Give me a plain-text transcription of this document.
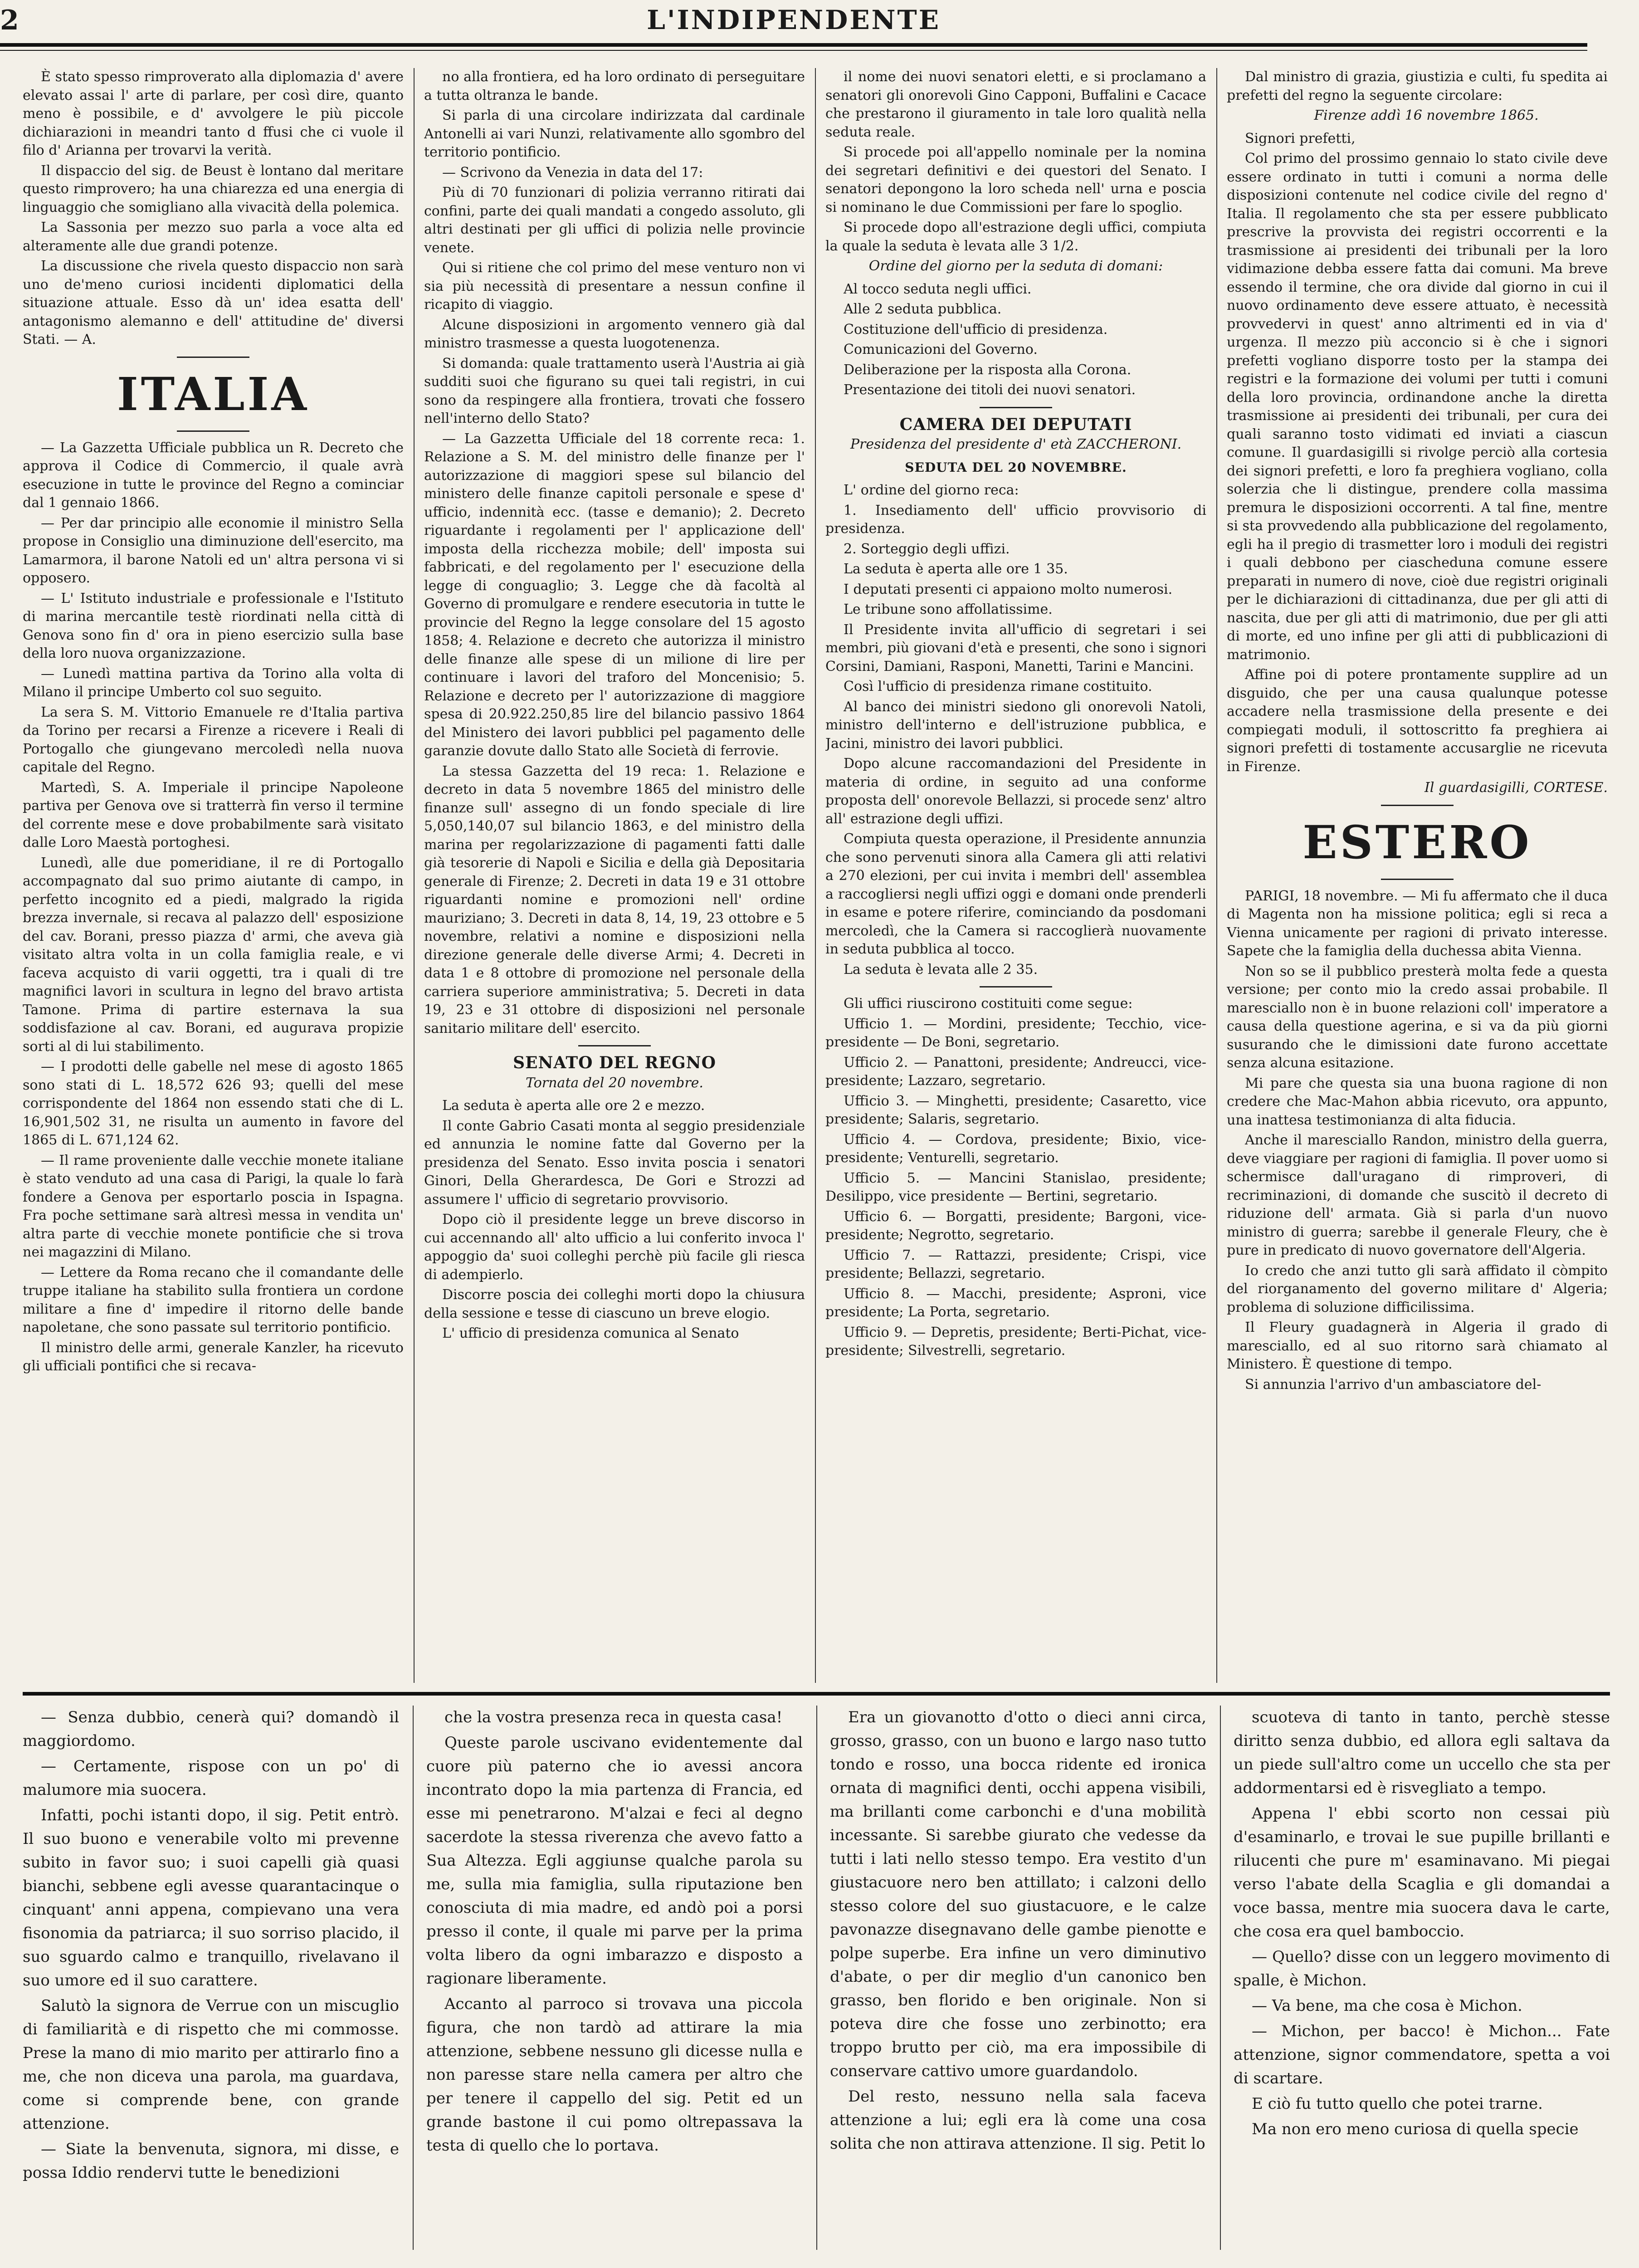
2	L'INDIPENDENTE

È stato spesso rimproverato alla diplomazia d' avere elevato assai l' arte di parlare, per così dire, quanto meno è possibile, e d' avvolgere le più piccole dichiarazioni in meandri tanto d ffusi che ci vuole il filo d' Arianna per trovarvi la verità.

Il dispaccio del sig. de Beust è lontano dal meritare questo rimprovero; ha una chiarezza ed una energia di linguaggio che somigliano alla vivacità della polemica.

La Sassonia per mezzo suo parla a voce alta ed alteramente alle due grandi potenze.

La discussione che rivela questo dispaccio non sarà uno de'meno curiosi incidenti diplomatici della situazione attuale. Esso dà un' idea esatta dell' antagonismo alemanno e dell' attitudine de' diversi Stati. — A.

ITALIA

— La Gazzetta Ufficiale pubblica un R. Decreto che approva il Codice di Commercio, il quale avrà esecuzione in tutte le province del Regno a cominciar dal 1 gennaio 1866.

— Per dar principio alle economie il ministro Sella propose in Consiglio una diminuzione dell'esercito, ma Lamarmora, il barone Natoli ed un' altra persona vi si opposero.

— L' Istituto industriale e professionale e l'Istituto di marina mercantile testè riordinati nella città di Genova sono fin d' ora in pieno esercizio sulla base della loro nuova organizzazione.

— Lunedì mattina partiva da Torino alla volta di Milano il principe Umberto col suo seguito.

La sera S. M. Vittorio Emanuele re d'Italia partiva da Torino per recarsi a Firenze a ricevere i Reali di Portogallo che giungevano mercoledì nella nuova capitale del Regno.

Martedì, S. A. Imperiale il principe Napoleone partiva per Genova ove si tratterrà fin verso il termine del corrente mese e dove probabilmente sarà visitato dalle Loro Maestà portoghesi.

Lunedì, alle due pomeridiane, il re di Portogallo accompagnato dal suo primo aiutante di campo, in perfetto incognito ed a piedi, malgrado la rigida brezza invernale, si recava al palazzo dell' esposizione del cav. Borani, presso piazza d' armi, che aveva già visitato altra volta in un colla famiglia reale, e vi faceva acquisto di varii oggetti, tra i quali di tre magnifici lavori in scultura in legno del bravo artista Tamone. Prima di partire esternava la sua soddisfazione al cav. Borani, ed augurava propizie sorti al di lui stabilimento.

— I prodotti delle gabelle nel mese di agosto 1865 sono stati di L. 18,572 626 93; quelli del mese corrispondente del 1864 non essendo stati che di L. 16,901,502 31, ne risulta un aumento in favore del 1865 di L. 671,124 62.

— Il rame proveniente dalle vecchie monete italiane è stato venduto ad una casa di Parigi, la quale lo farà fondere a Genova per esportarlo poscia in Ispagna. Fra poche settimane sarà altresì messa in vendita un' altra parte di vecchie monete pontificie che si trova nei magazzini di Milano.

— Lettere da Roma recano che il comandante delle truppe italiane ha stabilito sulla frontiera un cordone militare a fine d' impedire il ritorno delle bande napoletane, che sono passate sul territorio pontificio.

Il ministro delle armi, generale Kanzler, ha ricevuto gli ufficiali pontifici che si recava-

no alla frontiera, ed ha loro ordinato di perseguitare a tutta oltranza le bande.

Si parla di una circolare indirizzata dal cardinale Antonelli ai vari Nunzi, relativamente allo sgombro del territorio pontificio.

— Scrivono da Venezia in data del 17:

Più di 70 funzionari di polizia verranno ritirati dai confini, parte dei quali mandati a congedo assoluto, gli altri destinati per gli uffici di polizia nelle provincie venete.

Qui si ritiene che col primo del mese venturo non vi sia più necessità di presentare a nessun confine il ricapito di viaggio.

Alcune disposizioni in argomento vennero già dal ministro trasmesse a questa luogotenenza.

Si domanda: quale trattamento userà l'Austria ai già sudditi suoi che figurano su quei tali registri, in cui sono da respingere alla frontiera, trovati che fossero nell'interno dello Stato?

— La Gazzetta Ufficiale del 18 corrente reca: 1. Relazione a S. M. del ministro delle finanze per l' autorizzazione di maggiori spese sul bilancio del ministero delle finanze capitoli personale e spese d' ufficio, indennità ecc. (tasse e demanio); 2. Decreto riguardante i regolamenti per l' applicazione dell' imposta della ricchezza mobile; dell' imposta sui fabbricati, e del regolamento per l' esecuzione della legge di conguaglio; 3. Legge che dà facoltà al Governo di promulgare e rendere esecutoria in tutte le provincie del Regno la legge consolare del 15 agosto 1858; 4. Relazione e decreto che autorizza il ministro delle finanze alle spese di un milione di lire per continuare i lavori del traforo del Moncenisio; 5. Relazione e decreto per l' autorizzazione di maggiore spesa di 20.922.250,85 lire del bilancio passivo 1864 del Ministero dei lavori pubblici pel pagamento delle garanzie dovute dallo Stato alle Società di ferrovie.

La stessa Gazzetta del 19 reca: 1. Relazione e decreto in data 5 novembre 1865 del ministro delle finanze sull' assegno di un fondo speciale di lire 5,050,140,07 sul bilancio 1863, e del ministro della marina per regolarizzazione di pagamenti fatti dalle già tesorerie di Napoli e Sicilia e della già Depositaria generale di Firenze; 2. Decreti in data 19 e 31 ottobre riguardanti nomine e promozioni nell' ordine mauriziano; 3. Decreti in data 8, 14, 19, 23 ottobre e 5 novembre, relativi a nomine e disposizioni nella direzione generale delle diverse Armi; 4. Decreti in data 1 e 8 ottobre di promozione nel personale della carriera superiore amministrativa; 5. Decreti in data 19, 23 e 31 ottobre di disposizioni nel personale sanitario militare dell' esercito.

SENATO DEL REGNO
Tornata del 20 novembre.

La seduta è aperta alle ore 2 e mezzo.

Il conte Gabrio Casati monta al seggio presidenziale ed annunzia le nomine fatte dal Governo per la presidenza del Senato. Esso invita poscia i senatori Ginori, Della Gherardesca, De Gori e Strozzi ad assumere l' ufficio di segretario provvisorio.

Dopo ciò il presidente legge un breve discorso in cui accennando all' alto ufficio a lui conferito invoca l' appoggio da' suoi colleghi perchè più facile gli riesca di adempierlo.

Discorre poscia dei colleghi morti dopo la chiusura della sessione e tesse di ciascuno un breve elogio.

L' ufficio di presidenza comunica al Senato

il nome dei nuovi senatori eletti, e si proclamano a senatori gli onorevoli Gino Capponi, Buffalini e Cacace che prestarono il giuramento in tale loro qualità nella seduta reale.

Si procede poi all'appello nominale per la nomina dei segretari definitivi e dei questori del Senato. I senatori depongono la loro scheda nell' urna e poscia si nominano le due Commissioni per fare lo spoglio.

Si procede dopo all'estrazione degli uffici, compiuta la quale la seduta è levata alle 3 1/2.

Ordine del giorno per la seduta di domani:

Al tocco seduta negli uffici.

Alle 2 seduta pubblica.

Costituzione dell'ufficio di presidenza.

Comunicazioni del Governo.

Deliberazione per la risposta alla Corona.

Presentazione dei titoli dei nuovi senatori.

CAMERA DEI DEPUTATI
Presidenza del presidente d' età ZACCHERONI.
SEDUTA DEL 20 NOVEMBRE.

L' ordine del giorno reca:

1. Insediamento dell' ufficio provvisorio di presidenza.

2. Sorteggio degli uffizi.

La seduta è aperta alle ore 1 35.

I deputati presenti ci appaiono molto numerosi.

Le tribune sono affollatissime.

Il Presidente invita all'ufficio di segretari i sei membri, più giovani d'età e presenti, che sono i signori Corsini, Damiani, Rasponi, Manetti, Tarini e Mancini.

Così l'ufficio di presidenza rimane costituito.

Al banco dei ministri siedono gli onorevoli Natoli, ministro dell'interno e dell'istruzione pubblica, e Jacini, ministro dei lavori pubblici.

Dopo alcune raccomandazioni del Presidente in materia di ordine, in seguito ad una conforme proposta dell' onorevole Bellazzi, si procede senz' altro all' estrazione degli uffizi.

Compiuta questa operazione, il Presidente annunzia che sono pervenuti sinora alla Camera gli atti relativi a 270 elezioni, per cui invita i membri dell' assemblea a raccogliersi negli uffizi oggi e domani onde prenderli in esame e potere riferire, cominciando da posdomani mercoledì, che la Camera si raccoglierà nuovamente in seduta pubblica al tocco.

La seduta è levata alle 2 35.

Gli uffici riuscirono costituiti come segue:

Ufficio 1. — Mordini, presidente; Tecchio, vice-presidente — De Boni, segretario.

Ufficio 2. — Panattoni, presidente; Andreucci, vice-presidente; Lazzaro, segretario.

Ufficio 3. — Minghetti, presidente; Casaretto, vice presidente; Salaris, segretario.

Ufficio 4. — Cordova, presidente; Bixio, vice-presidente; Venturelli, segretario.

Ufficio 5. — Mancini Stanislao, presidente; Desilippo, vice presidente — Bertini, segretario.

Ufficio 6. — Borgatti, presidente; Bargoni, vice-presidente; Negrotto, segretario.

Ufficio 7. — Rattazzi, presidente; Crispi, vice presidente; Bellazzi, segretario.

Ufficio 8. — Macchi, presidente; Asproni, vice presidente; La Porta, segretario.

Ufficio 9. — Depretis, presidente; Berti-Pichat, vice-presidente; Silvestrelli, segretario.

Dal ministro di grazia, giustizia e culti, fu spedita ai prefetti del regno la seguente circolare:

Firenze addì 16 novembre 1865.

Signori prefetti,

Col primo del prossimo gennaio lo stato civile deve essere ordinato in tutti i comuni a norma delle disposizioni contenute nel codice civile del regno d' Italia. Il regolamento che sta per essere pubblicato prescrive la provvista dei registri occorrenti e la trasmissione ai presidenti dei tribunali per la loro vidimazione debba essere fatta dai comuni. Ma breve essendo il termine, che ora divide dal giorno in cui il nuovo ordinamento deve essere attuato, è necessità provvedervi in quest' anno altrimenti ed in via d' urgenza. Il mezzo più acconcio si è che i signori prefetti vogliano disporre tosto per la stampa dei registri e la formazione dei volumi per tutti i comuni della loro provincia, ordinandone anche la diretta trasmissione ai presidenti dei tribunali, per cura dei quali saranno tosto vidimati ed inviati a ciascun comune. Il guardasigilli si rivolge perciò alla cortesia dei signori prefetti, e loro fa preghiera vogliano, colla solerzia che li distingue, prendere colla massima premura le disposizioni occorrenti. A tal fine, mentre si sta provvedendo alla pubblicazione del regolamento, egli ha il pregio di trasmetter loro i moduli dei registri i quali debbono per ciascheduna comune essere preparati in numero di nove, cioè due registri originali per le dichiarazioni di cittadinanza, due per gli atti di nascita, due per gli atti di matrimonio, due per gli atti di morte, ed uno infine per gli atti di pubblicazioni di matrimonio.

Affine poi di potere prontamente supplire ad un disguido, che per una causa qualunque potesse accadere nella trasmissione della presente e dei compiegati moduli, il sottoscritto fa preghiera ai signori prefetti di tostamente accusarglie ne ricevuta in Firenze.

Il guardasigilli, CORTESE.
ESTERO

PARIGI, 18 novembre. — Mi fu affermato che il duca di Magenta non ha missione politica; egli si reca a Vienna unicamente per ragioni di privato interesse. Sapete che la famiglia della duchessa abita Vienna.

Non so se il pubblico presterà molta fede a questa versione; per conto mio la credo assai probabile. Il maresciallo non è in buone relazioni coll' imperatore a causa della questione agerina, e si va da più giorni susurando che le dimissioni date furono accettate senza alcuna esitazione.

Mi pare che questa sia una buona ragione di non credere che Mac-Mahon abbia ricevuto, ora appunto, una inattesa testimonianza di alta fiducia.

Anche il maresciallo Randon, ministro della guerra, deve viaggiare per ragioni di famiglia. Il pover uomo si schermisce dall'uragano di rimproveri, di recriminazioni, di domande che suscitò il decreto di riduzione dell' armata. Già si parla d'un nuovo ministro di guerra; sarebbe il generale Fleury, che è pure in predicato di nuovo governatore dell'Algeria.

Io credo che anzi tutto gli sarà affidato il còmpito del riorganamento del governo militare d' Algeria; problema di soluzione difficilissima.

Il Fleury guadagnerà in Algeria il grado di maresciallo, ed al suo ritorno sarà chiamato al Ministero. È questione di tempo.

Si annunzia l'arrivo d'un ambasciatore del-

— Senza dubbio, cenerà qui? domandò il maggiordomo.

— Certamente, rispose con un po' di malumore mia suocera.

Infatti, pochi istanti dopo, il sig. Petit entrò. Il suo buono e venerabile volto mi prevenne subito in favor suo; i suoi capelli già quasi bianchi, sebbene egli avesse quarantacinque o cinquant' anni appena, compievano una vera fisonomia da patriarca; il suo sorriso placido, il suo sguardo calmo e tranquillo, rivelavano il suo umore ed il suo carattere.

Salutò la signora de Verrue con un miscuglio di familiarità e di rispetto che mi commosse. Prese la mano di mio marito per attirarlo fino a me, che non diceva una parola, ma guardava, come si comprende bene, con grande attenzione.

— Siate la benvenuta, signora, mi disse, e possa Iddio rendervi tutte le benedizioni

che la vostra presenza reca in questa casa!

Queste parole uscivano evidentemente dal cuore più paterno che io avessi ancora incontrato dopo la mia partenza di Francia, ed esse mi penetrarono. M'alzai e feci al degno sacerdote la stessa riverenza che avevo fatto a Sua Altezza. Egli aggiunse qualche parola su me, sulla mia famiglia, sulla riputazione ben conosciuta di mia madre, ed andò poi a porsi presso il conte, il quale mi parve per la prima volta libero da ogni imbarazzo e disposto a ragionare liberamente.

Accanto al parroco si trovava una piccola figura, che non tardò ad attirare la mia attenzione, sebbene nessuno gli dicesse nulla e non paresse stare nella camera per altro che per tenere il cappello del sig. Petit ed un grande bastone il cui pomo oltrepassava la testa di quello che lo portava.

Era un giovanotto d'otto o dieci anni circa, grosso, grasso, con un buono e largo naso tutto tondo e rosso, una bocca ridente ed ironica ornata di magnifici denti, occhi appena visibili, ma brillanti come carbonchi e d'una mobilità incessante. Si sarebbe giurato che vedesse da tutti i lati nello stesso tempo. Era vestito d'un giustacuore nero ben attillato; i calzoni dello stesso colore del suo giustacuore, e le calze pavonazze disegnavano delle gambe pienotte e polpe superbe. Era infine un vero diminutivo d'abate, o per dir meglio d'un canonico ben grasso, ben florido e ben originale. Non si poteva dire che fosse uno zerbinotto; era troppo brutto per ciò, ma era impossibile di conservare cattivo umore guardandolo.

Del resto, nessuno nella sala faceva attenzione a lui; egli era là come una cosa solita che non attirava attenzione. Il sig. Petit lo

scuoteva di tanto in tanto, perchè stesse diritto senza dubbio, ed allora egli saltava da un piede sull'altro come un uccello che sta per addormentarsi ed è risvegliato a tempo.

Appena l' ebbi scorto non cessai più d'esaminarlo, e trovai le sue pupille brillanti e rilucenti che pure m' esaminavano. Mi piegai verso l'abate della Scaglia e gli domandai a voce bassa, mentre mia suocera dava le carte, che cosa era quel bamboccio.

— Quello? disse con un leggero movimento di spalle, è Michon.

— Va bene, ma che cosa è Michon.

— Michon, per bacco! è Michon... Fate attenzione, signor commendatore, spetta a voi di scartare.

E ciò fu tutto quello che potei trarne.

Ma non ero meno curiosa di quella specie
